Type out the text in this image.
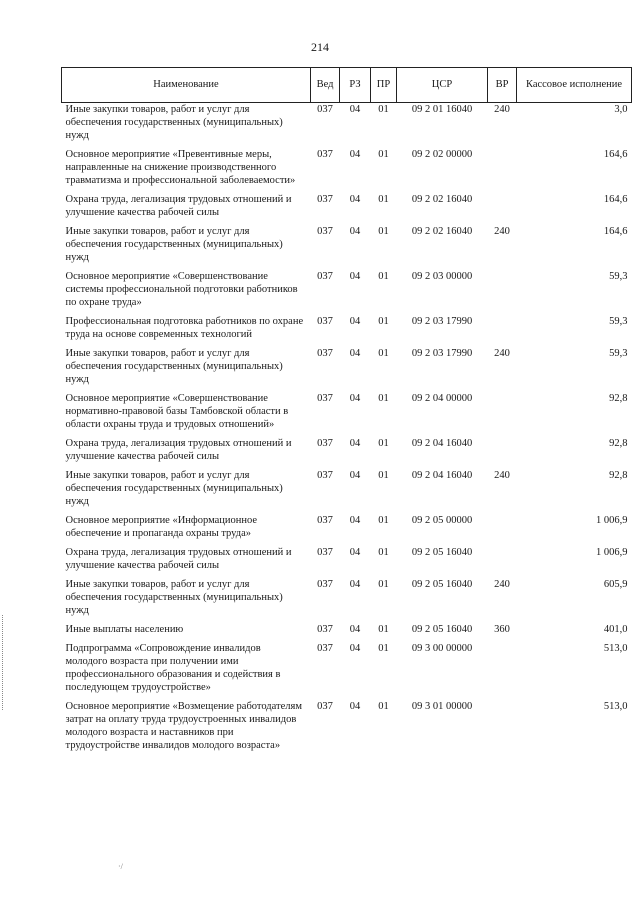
214
Наименование	Вед	РЗ	ПР	ЦСР	ВР	Кассовое исполнение
Иные закупки товаров, работ и услуг для обеспечения государственных (муниципальных) нужд	037	04	01	09 2 01 16040	240	3,0
Основное мероприятие «Превентивные меры, направленные на снижение производственного травматизма и профессиональной заболеваемости»	037	04	01	09 2 02 00000		164,6
Охрана труда, легализация трудовых отношений и улучшение качества рабочей силы	037	04	01	09 2 02 16040		164,6
Иные закупки товаров, работ и услуг для обеспечения государственных (муниципальных) нужд	037	04	01	09 2 02 16040	240	164,6
Основное мероприятие «Совершенствование системы профессиональной подготовки работников по охране труда»	037	04	01	09 2 03 00000		59,3
Профессиональная подготовка работников по охране труда на основе современных технологий	037	04	01	09 2 03 17990		59,3
Иные закупки товаров, работ и услуг для обеспечения государственных (муниципальных) нужд	037	04	01	09 2 03 17990	240	59,3
Основное мероприятие «Совершенствование нормативно-правовой базы Тамбовской области в области охраны труда и трудовых отношений»	037	04	01	09 2 04 00000		92,8
Охрана труда, легализация трудовых отношений и улучшение качества рабочей силы	037	04	01	09 2 04 16040		92,8
Иные закупки товаров, работ и услуг для обеспечения государственных (муниципальных) нужд	037	04	01	09 2 04 16040	240	92,8
Основное мероприятие «Информационное обеспечение и пропаганда охраны труда»	037	04	01	09 2 05 00000		1 006,9
Охрана труда, легализация трудовых отношений и улучшение качества рабочей силы	037	04	01	09 2 05 16040		1 006,9
Иные закупки товаров, работ и услуг для обеспечения государственных (муниципальных) нужд	037	04	01	09 2 05 16040	240	605,9
Иные выплаты населению	037	04	01	09 2 05 16040	360	401,0
Подпрограмма «Сопровождение инвалидов молодого возраста при получении ими профессионального образования и содействия в последующем трудоустройстве»	037	04	01	09 3 00 00000		513,0
Основное мероприятие «Возмещение работодателям затрат на оплату труда трудоустроенных инвалидов молодого возраста и наставников при трудоустройстве инвалидов молодого возраста»	037	04	01	09 3 01 00000		513,0
·/
